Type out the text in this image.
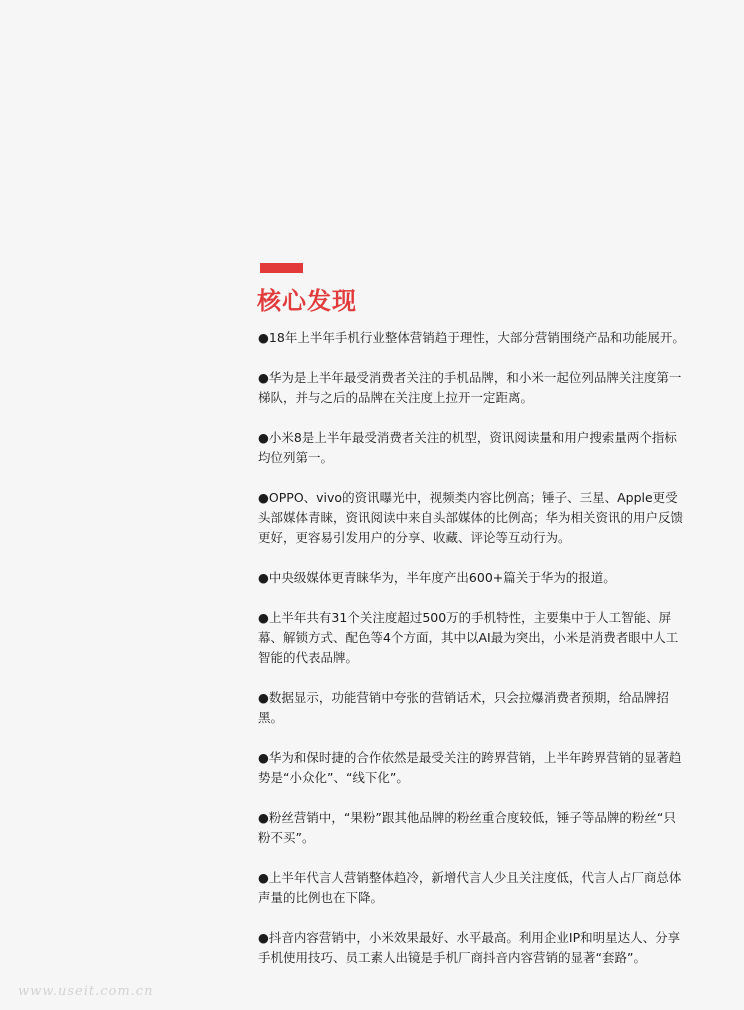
核心发现
●18年上半年手机行业整体营销趋于理性，大部分营销围绕产品和功能展开。
●华为是上半年最受消费者关注的手机品牌，和小米一起位列品牌关注度第一梯队，并与之后的品牌在关注度上拉开一定距离。
●小米8是上半年最受消费者关注的机型，资讯阅读量和用户搜索量两个指标均位列第一。
●OPPO、vivo的资讯曝光中，视频类内容比例高；锤子、三星、Apple更受头部媒体青睐，资讯阅读中来自头部媒体的比例高；华为相关资讯的用户反馈更好，更容易引发用户的分享、收藏、评论等互动行为。
●中央级媒体更青睐华为，半年度产出600+篇关于华为的报道。
●上半年共有31个关注度超过500万的手机特性，主要集中于人工智能、屏幕、解锁方式、配色等4个方面，其中以AI最为突出，小米是消费者眼中人工智能的代表品牌。
●数据显示，功能营销中夸张的营销话术，只会拉爆消费者预期，给品牌招黑。
●华为和保时捷的合作依然是最受关注的跨界营销，上半年跨界营销的显著趋势是“小众化”、“线下化”。
●粉丝营销中，“果粉”跟其他品牌的粉丝重合度较低，锤子等品牌的粉丝“只粉不买”。
●上半年代言人营销整体趋冷，新增代言人少且关注度低，代言人占厂商总体声量的比例也在下降。
●抖音内容营销中，小米效果最好、水平最高。利用企业IP和明星达人、分享手机使用技巧、员工素人出镜是手机厂商抖音内容营销的显著“套路”。
www.useit.com.cn
